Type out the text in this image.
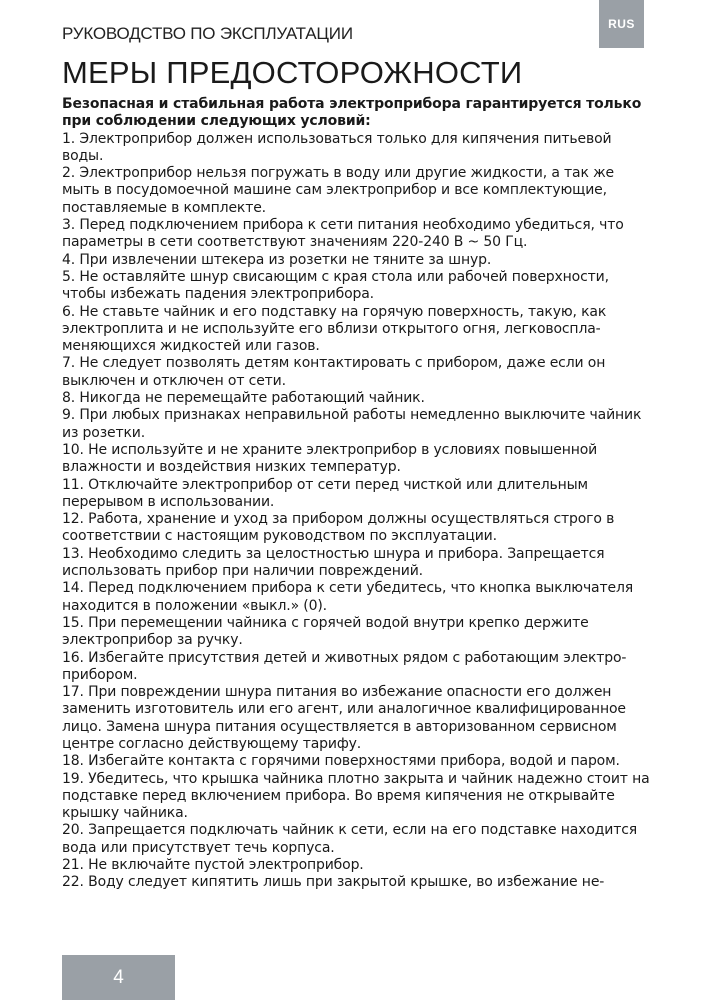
РУКОВОДСТВО ПО ЭКСПЛУАТАЦИИ	RUS
МЕРЫ ПРЕДОСТОРОЖНОСТИ

Безопасная и стабильная работа электроприбора гарантируется только при соблюдении следующих условий:

1. Электроприбор должен использоваться только для кипячения питьевой воды.
2. Электроприбор нельзя погружать в воду или другие жидкости, а так же мыть в посудомоечной машине сам электроприбор и все комплектующие, поставляемые в комплекте.
3. Перед подключением прибора к сети питания необходимо убедиться, что параметры в сети соответствуют значениям 220-240 В ~ 50 Гц.
4. При извлечении штекера из розетки не тяните за шнур.
5. Не оставляйте шнур свисающим с края стола или рабочей поверхности, чтобы избежать падения электроприбора.
6. Не ставьте чайник и его подставку на горячую поверхность, такую, как электроплита и не используйте его вблизи открытого огня, легковоспламеняющихся жидкостей или газов.
7. Не следует позволять детям контактировать с прибором, даже если он выключен и отключен от сети.
8. Никогда не перемещайте работающий чайник.
9. При любых признаках неправильной работы немедленно выключите чайник из розетки.
10. Не используйте и не храните электроприбор в условиях повышенной влажности и воздействия низких температур.
11. Отключайте электроприбор от сети перед чисткой или длительным перерывом в использовании.
12. Работа, хранение и уход за прибором должны осуществляться строго в соответствии с настоящим руководством по эксплуатации.
13. Необходимо следить за целостностью шнура и прибора. Запрещается использовать прибор при наличии повреждений.
14. Перед подключением прибора к сети убедитесь, что кнопка выключателя находится в положении «выкл.» (0).
15. При перемещении чайника с горячей водой внутри крепко держите электроприбор за ручку.
16. Избегайте присутствия детей и животных рядом с работающим электроприбором.
17. При повреждении шнура питания во избежание опасности его должен заменить изготовитель или его агент, или аналогичное квалифицированное лицо. Замена шнура питания осуществляется в авторизованном сервисном центре согласно действующему тарифу.
18. Избегайте контакта с горячими поверхностями прибора, водой и паром.
19. Убедитесь, что крышка чайника плотно закрыта и чайник надежно стоит на подставке перед включением прибора. Во время кипячения не открывайте крышку чайника.
20. Запрещается подключать чайник к сети, если на его подставке находится вода или присутствует течь корпуса.
21. Не включайте пустой электроприбор.
22. Воду следует кипятить лишь при закрытой крышке, во избежание не-
4
